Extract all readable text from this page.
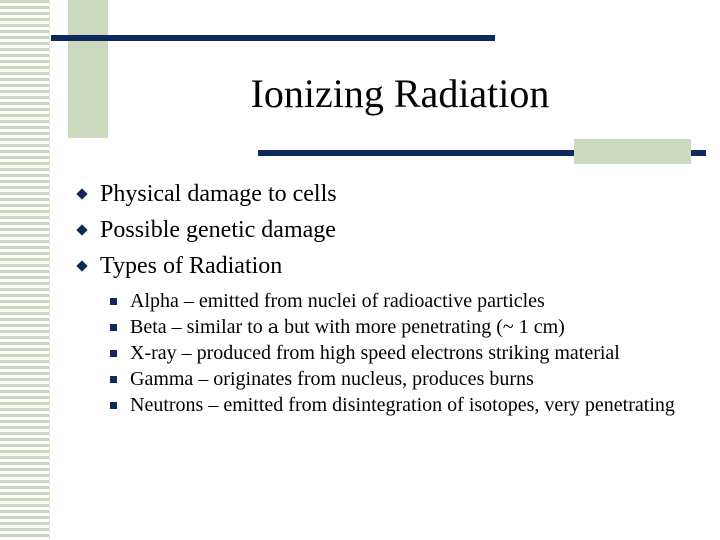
Ionizing Radiation
Physical damage to cells
Possible genetic damage
Types of Radiation
Alpha – emitted from nuclei of radioactive particles
Beta – similar to a but with more penetrating (~ 1 cm)
X-ray – produced from high speed electrons striking material
Gamma – originates from nucleus, produces burns
Neutrons – emitted from disintegration of isotopes, very penetrating
